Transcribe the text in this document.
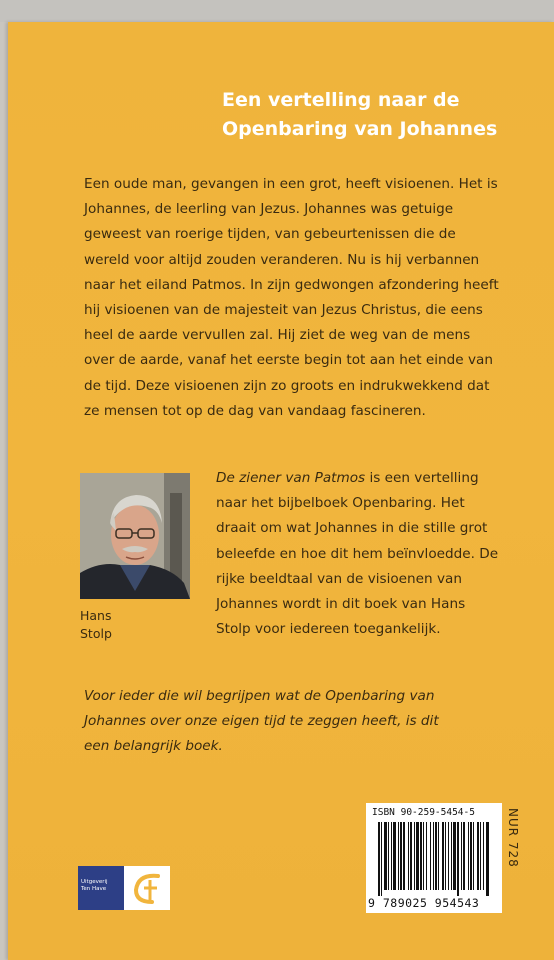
Een vertelling naar de
Openbaring van Johannes
Een oude man, gevangen in een grot, heeft visioenen. Het is
Johannes, de leerling van Jezus. Johannes was getuige
geweest van roerige tijden, van gebeurtenissen die de
wereld voor altijd zouden veranderen. Nu is hij verbannen
naar het eiland Patmos. In zijn gedwongen afzondering heeft
hij visioenen van de majesteit van Jezus Christus, die eens
heel de aarde vervullen zal. Hij ziet de weg van de mens
over de aarde, vanaf het eerste begin tot aan het einde van
de tijd. Deze visioenen zijn zo groots en indrukwekkend dat
ze mensen tot op de dag van vandaag fascineren.
Hans
Stolp
De ziener van Patmos is een vertelling
naar het bijbelboek Openbaring. Het
draait om wat Johannes in die stille grot
beleefde en hoe dit hem beïnvloedde. De
rijke beeldtaal van de visioenen van
Johannes wordt in dit boek van Hans
Stolp voor iedereen toegankelijk.
Voor ieder die wil begrijpen wat de Openbaring van
Johannes over onze eigen tijd te zeggen heeft, is dit
een belangrijk boek.
ISBN 90-259-5454-5
9 789025 954543
NUR 728
Uitgeverij
Ten Have
